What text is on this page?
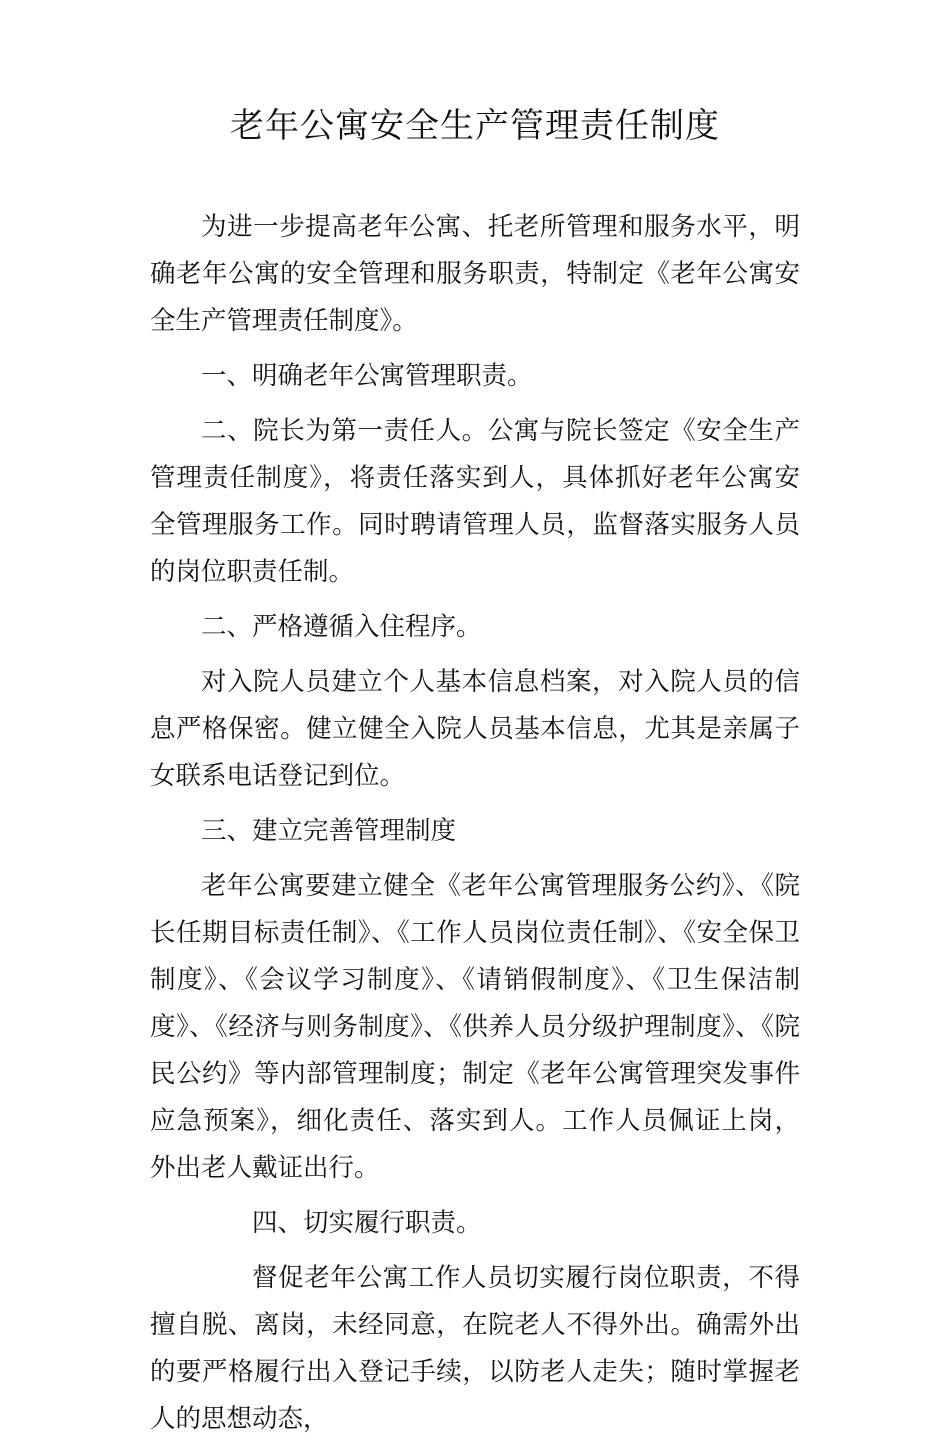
老年公寓安全生产管理责任制度

为进一步提高老年公寓、托老所管理和服务水平，明确老年公寓的安全管理和服务职责，特制定《老年公寓安全生产管理责任制度》。

一、明确老年公寓管理职责。

二、院长为第一责任人。公寓与院长签定《安全生产管理责任制度》，将责任落实到人，具体抓好老年公寓安全管理服务工作。同时聘请管理人员，监督落实服务人员的岗位职责任制。

二、严格遵循入住程序。

对入院人员建立个人基本信息档案，对入院人员的信息严格保密。健立健全入院人员基本信息，尤其是亲属子女联系电话登记到位。

三、建立完善管理制度

老年公寓要建立健全《老年公寓管理服务公约》、《院长任期目标责任制》、《工作人员岗位责任制》、《安全保卫制度》、《会议学习制度》、《请销假制度》、《卫生保洁制度》、《经济与则务制度》、《供养人员分级护理制度》、《院民公约》等内部管理制度；制定《老年公寓管理突发事件应急预案》，细化责任、落实到人。工作人员佩证上岗，外出老人戴证出行。

四、切实履行职责。

督促老年公寓工作人员切实履行岗位职责，不得擅自脱、离岗，未经同意，在院老人不得外出。确需外出的要严格履行出入登记手续，以防老人走失；随时掌握老人的思想动态，
